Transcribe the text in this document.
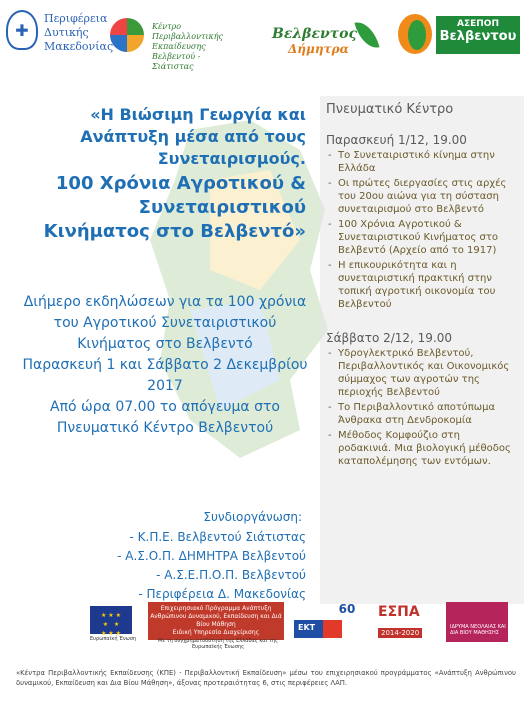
✚
Περιφέρεια
Δυτικής
Μακεδονίας
Κέντρο Περιβαλλοντικής
Εκπαίδευσης
Βελβεντού - Σιάτιστας
Βελβεντος
Δήμητρα
ΑΣΕΠΟΠ
Βελβεντου
«Η Βιώσιμη Γεωργία και Ανάπτυξη μέσα από τους Συνεταιρισμούς.
100 Χρόνια Αγροτικού & Συνεταιριστικού Κινήματος στο Βελβεντό»
Διήμερο εκδηλώσεων για τα 100 χρόνια του Αγροτικού Συνεταιριστικού Κινήματος στο Βελβεντό
Παρασκευή 1 και Σάββατο 2 Δεκεμβρίου 2017
Από ώρα 07.00 το απόγευμα στο Πνευματικό Κέντρο Βελβεντού
Συνδιοργάνωση:
- Κ.Π.Ε. Βελβεντού Σιάτιστας
- Α.Σ.Ο.Π. ΔΗΜΗΤΡΑ Βελβεντού
- Α.Σ.Ε.Π.Ο.Π. Βελβεντού
- Περιφέρεια Δ. Μακεδονίας
Πνευματικό Κέντρο
Παρασκευή 1/12, 19.00
- Το Συνεταιριστικό κίνημα στην Ελλάδα
- Οι πρώτες διεργασίες στις αρχές του 20ου αιώνα για τη σύσταση συνεταιρισμού στο Βελβεντό
- 100 Χρόνια Αγροτικού & Συνεταιριστικού Κινήματος στο Βελβεντό (Αρχείο από το 1917)
- Η επικουρικότητα και η συνεταιριστική πρακτική στην τοπική αγροτική οικονομία του Βελβεντού
Σάββατο 2/12, 19.00
- Υδρογλεκτρικό Βελβεντού, Περιβαλλοντικός και Οικονομικός σύμμαχος των αγροτών της περιοχής Βελβεντού
- Το Περιβαλλοντικό αποτύπωμα Άνθρακα στη Δενδροκομία
- Μέθοδος Κομφούζιο στη ροδακινιά. Μια βιολογική μέθοδος καταπολέμησης των εντόμων.
★ ★ ★
★   ★
★ ★ ★
Ευρωπαϊκή Ένωση
Επιχειρησιακό Πρόγραμμα Ανάπτυξη Ανθρώπινου Δυναμικού, Εκπαίδευση και Διά Βίου Μάθηση
Ειδική Υπηρεσία Διαχείρισης
Με τη συγχρηματοδότηση της Ελλάδας και της Ευρωπαϊκής Ένωσης
ΕΚΤ
60 ΕΣΠΑ
2014-2020
ΙΔΡΥΜΑ ΝΕΟΛΑΙΑΣ ΚΑΙ ΔΙΑ ΒΙΟΥ ΜΑΘΗΣΗΣ
«Κέντρα Περιβαλλοντικής Εκπαίδευσης (ΚΠΕ) - Περιβαλλοντική Εκπαίδευση» μέσω του επιχειρησιακού προγράμματος «Ανάπτυξη Ανθρώπινου δυναμικού, Εκπαίδευση και Δια Βίου Μάθηση», άξονας προτεραιότητας 6, στις περιφέρειες ΛΑΠ.
